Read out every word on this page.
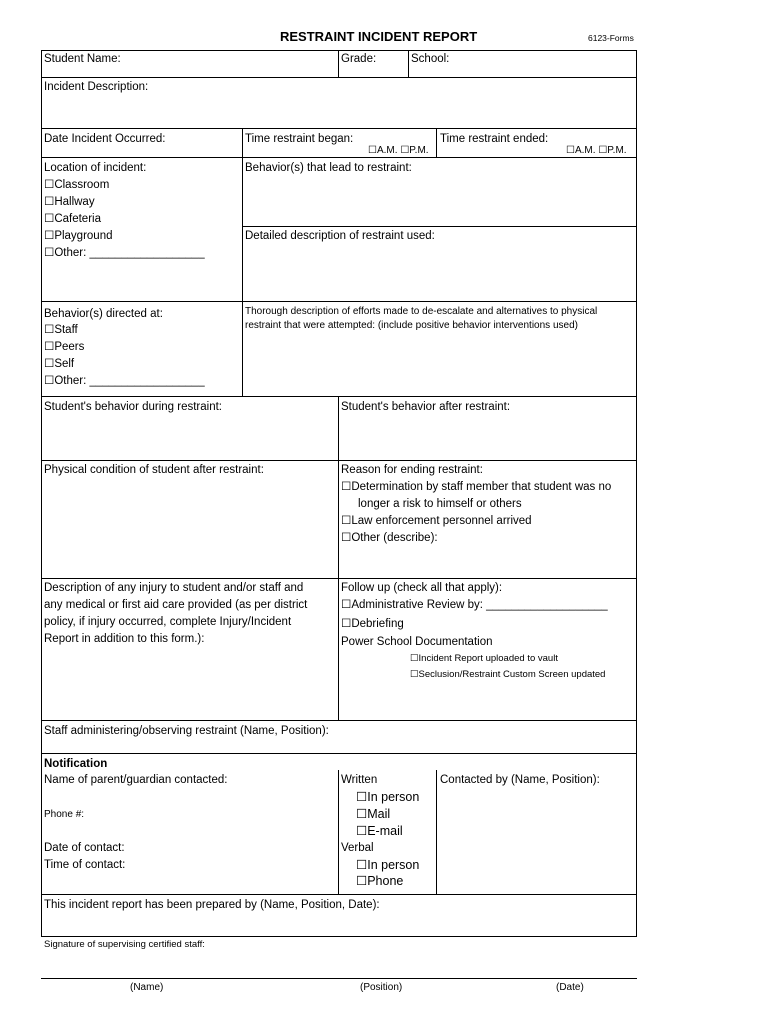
RESTRAINT INCIDENT REPORT	6123-Forms
Student Name:	Grade:	School:
Incident Description:
Date Incident Occurred:	Time restraint began:
☐ A.M. ☐ P.M.
Time restraint ended:
☐ A.M. ☐ P.M.
Location of incident:
☐ Classroom
☐ Hallway
☐ Cafeteria
☐ Playground
☐ Other: __________________
Behavior(s) that lead to restraint:
Detailed description of restraint used:
Behavior(s) directed at:
☐ Staff
☐ Peers
☐ Self
☐ Other: __________________
Thorough description of efforts made to de-escalate and alternatives to physical
restraint that were attempted: (include positive behavior interventions used)
Student's behavior during restraint:	Student's behavior after restraint:
Physical condition of student after restraint:	Reason for ending restraint:
☐ Determination by staff member that student was no
longer a risk to himself or others
☐ Law enforcement personnel arrived
☐ Other (describe):
Description of any injury to student and/or staff and
any medical or first aid care provided (as per district
policy, if injury occurred, complete Injury/Incident
Report in addition to this form.):
Follow up (check all that apply):
☐ Administrative Review by: ___________________
☐ Debriefing
Power School Documentation
☐ Incident Report uploaded to vault
☐ Seclusion/Restraint Custom Screen updated
Staff administering/observing restraint (Name, Position):
Notification
Name of parent/guardian contacted:
Phone #:
Date of contact:
Time of contact:
Written
☐ In person
☐ Mail
☐ E-mail
Verbal
☐ In person
☐ Phone
Contacted by (Name, Position):
This incident report has been prepared by (Name, Position, Date):
Signature of supervising certified staff:
(Name)	(Position)	(Date)
